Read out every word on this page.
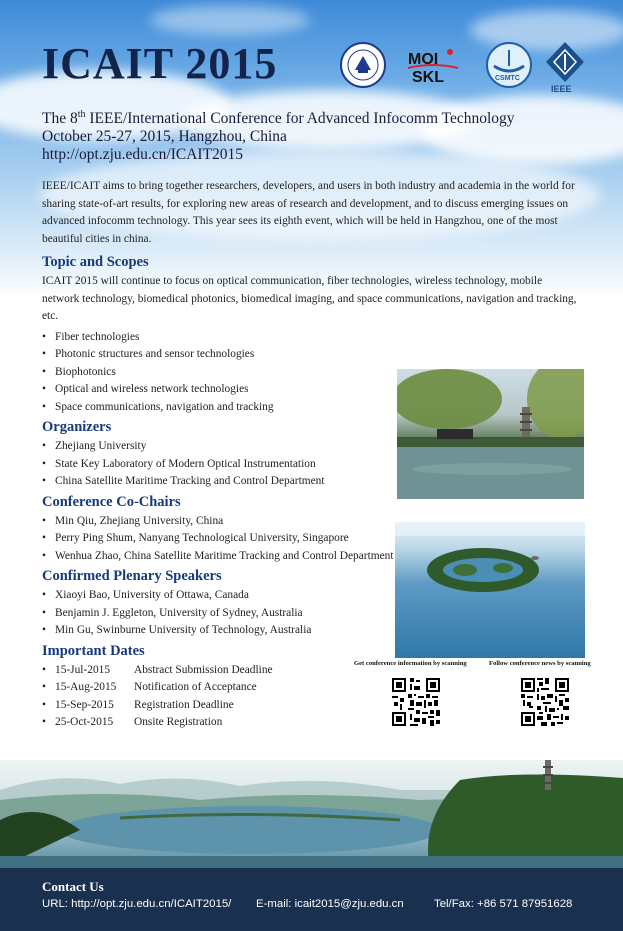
ICAIT 2015	MOI
SKL	CSMTC
IEEE
The 8th IEEE/International Conference for Advanced Infocomm Technology
October 25-27, 2015, Hangzhou, China
http://opt.zju.edu.cn/ICAIT2015

IEEE/ICAIT aims to bring together researchers, developers, and users in both industry and academia in the world for sharing state-of-art results, for exploring new areas of research and development, and to discuss emerging issues on advanced infocomm technology. This year sees its eighth event, which will be held in Hangzhou, one of the most beautiful cities in china.

Topic and Scopes

ICAIT 2015 will continue to focus on optical communication, fiber technologies, wireless technology, mobile network technology, biomedical photonics, biomedical imaging, and space communications, navigation and tracking, etc.

• Fiber technologies
• Photonic structures and sensor technologies
• Biophotonics
• Optical and wireless network technologies
• Space communications, navigation and tracking
Organizers
• Zhejiang University
• State Key Laboratory of Modern Optical Instrumentation
• China Satellite Maritime Tracking and Control Department
Conference Co-Chairs
• Min Qiu, Zhejiang University, China
• Perry Ping Shum, Nanyang Technological University, Singapore
• Wenhua Zhao, China Satellite Maritime Tracking and Control Department
Confirmed Plenary Speakers
• Xiaoyi Bao, University of Ottawa, Canada
• Benjamin J. Eggleton, University of Sydney, Australia
• Min Gu, Swinburne University of Technology, Australia
Important Dates
• 15-Jul-2015 Abstract Submission Deadline
• 15-Aug-2015 Notification of Acceptance
• 15-Sep-2015 Registration Deadline
• 25-Oct-2015 Onsite Registration
Get conference information by scanning	Follow conference news by scanning
Contact Us
URL: http://opt.zju.edu.cn/ICAIT2015/ E-mail: icait2015@zju.edu.cn	Tel/Fax: +86 571 87951628
